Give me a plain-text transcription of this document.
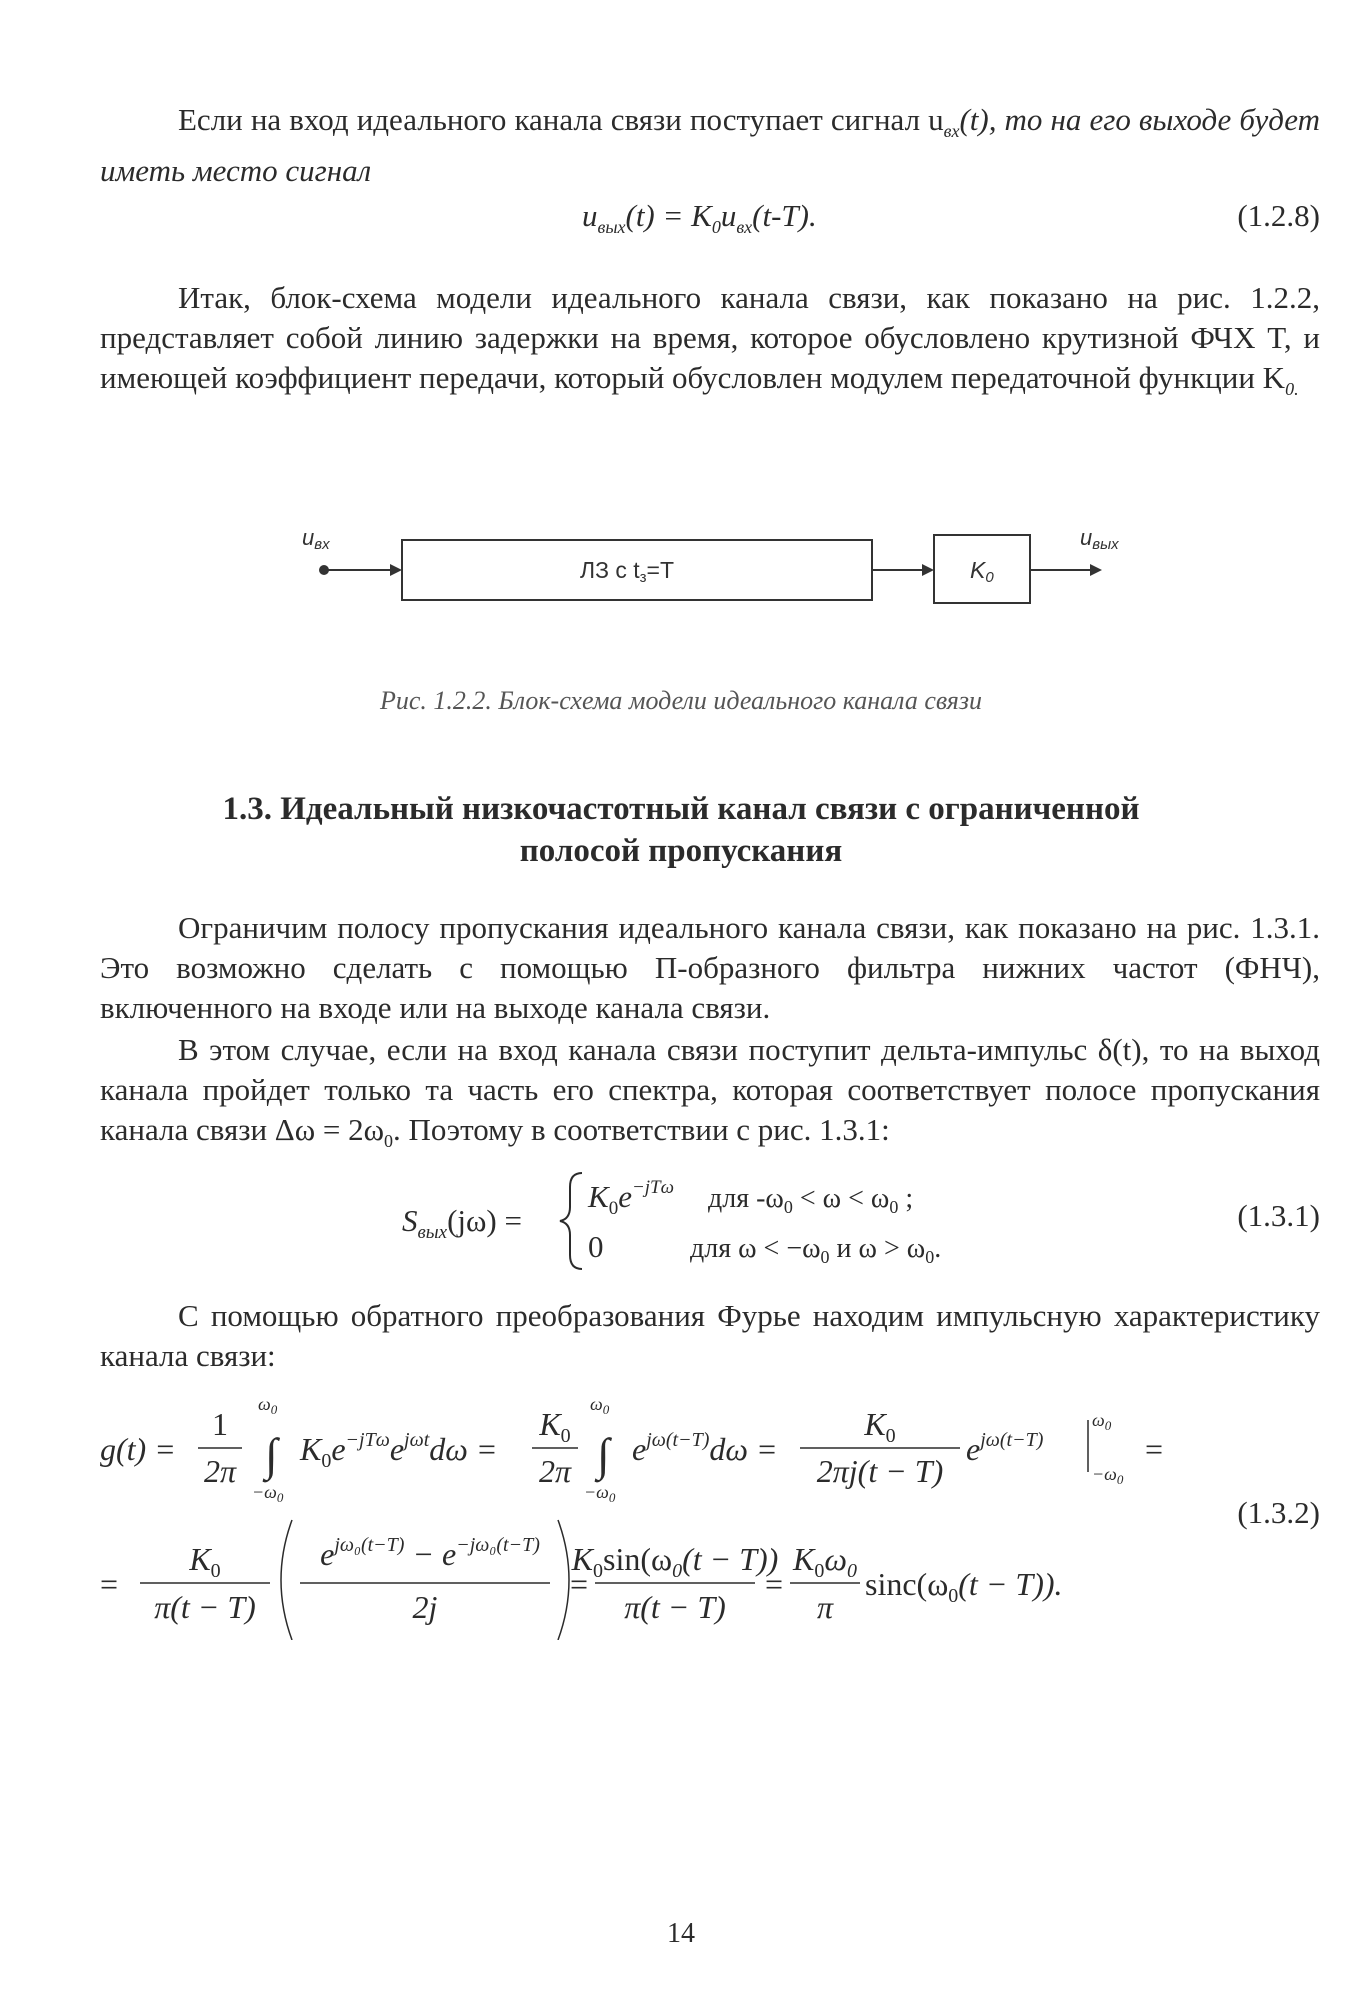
Если на вход идеального канала связи поступает сигнал $u_{вх}(t)$, то на его выходе будет иметь место сигнал

$u_{вых}(t) = K_0u_{вх}(t-T)$.	(1.2.8)

Итак, блок-схема модели идеального канала связи, как показано на рис. 1.2.2, представляет собой линию задержки на время, которое обусловлено крутизной ФЧХ T, и имеющей коэффициент передачи, который обусловлен модулем передаточной функции $K_{0.}$

uвх
ЛЗ с tз=T	K0
uвых
Рис. 1.2.2. Блок-схема модели идеального канала связи
1.3. Идеальный низкочастотный канал связи с ограниченной
полосой пропускания

Ограничим полосу пропускания идеального канала связи, как показано на рис. 1.3.1. Это возможно сделать с помощью П-образного фильтра нижних частот (ФНЧ), включенного на входе или на выходе канала связи.

В этом случае, если на вход канала связи поступит дельта-импульс δ(t), то на выход канала пройдет только та часть его спектра, которая соответствует полосе пропускания канала связи $\Delta\omega = 2\omega_0$. Поэтому в соответствии с рис. 1.3.1:

$S_{вых}(j\omega)$ =
$K_0e^{-jT\omega}$ для $-\omega_0 < \omega < \omega_0$ ;
0	для $\omega < -\omega_0$ и $\omega > \omega_0$.
(1.3.1)

С помощью обратного преобразования Фурье находим импульсную характеристику канала связи:

g(t) =
1
2π
$\omega_0$
∫
$-\omega_0$
$K_0e^{-jT\omega}e^{j\omega t}d\omega$ =
$K_0$
2π
$\omega_0$
∫
$-\omega_0$
$e^{j\omega(t-T)}d\omega$ =
$K_0$
2πj(t − T)
$e^{j\omega(t-T)}$
$\omega_0$
$-\omega_0$
=
=
$K_0$
π(t − T)
$e^{j\omega_0(t-T)} - e^{-j\omega_0(t-T)}$
2j
=
$K_0\sin(\omega_0(t - T))$
π(t − T)
=
$K_0\omega_0$
π
$\sin c(\omega_0(t - T))$.
(1.3.2)
14
